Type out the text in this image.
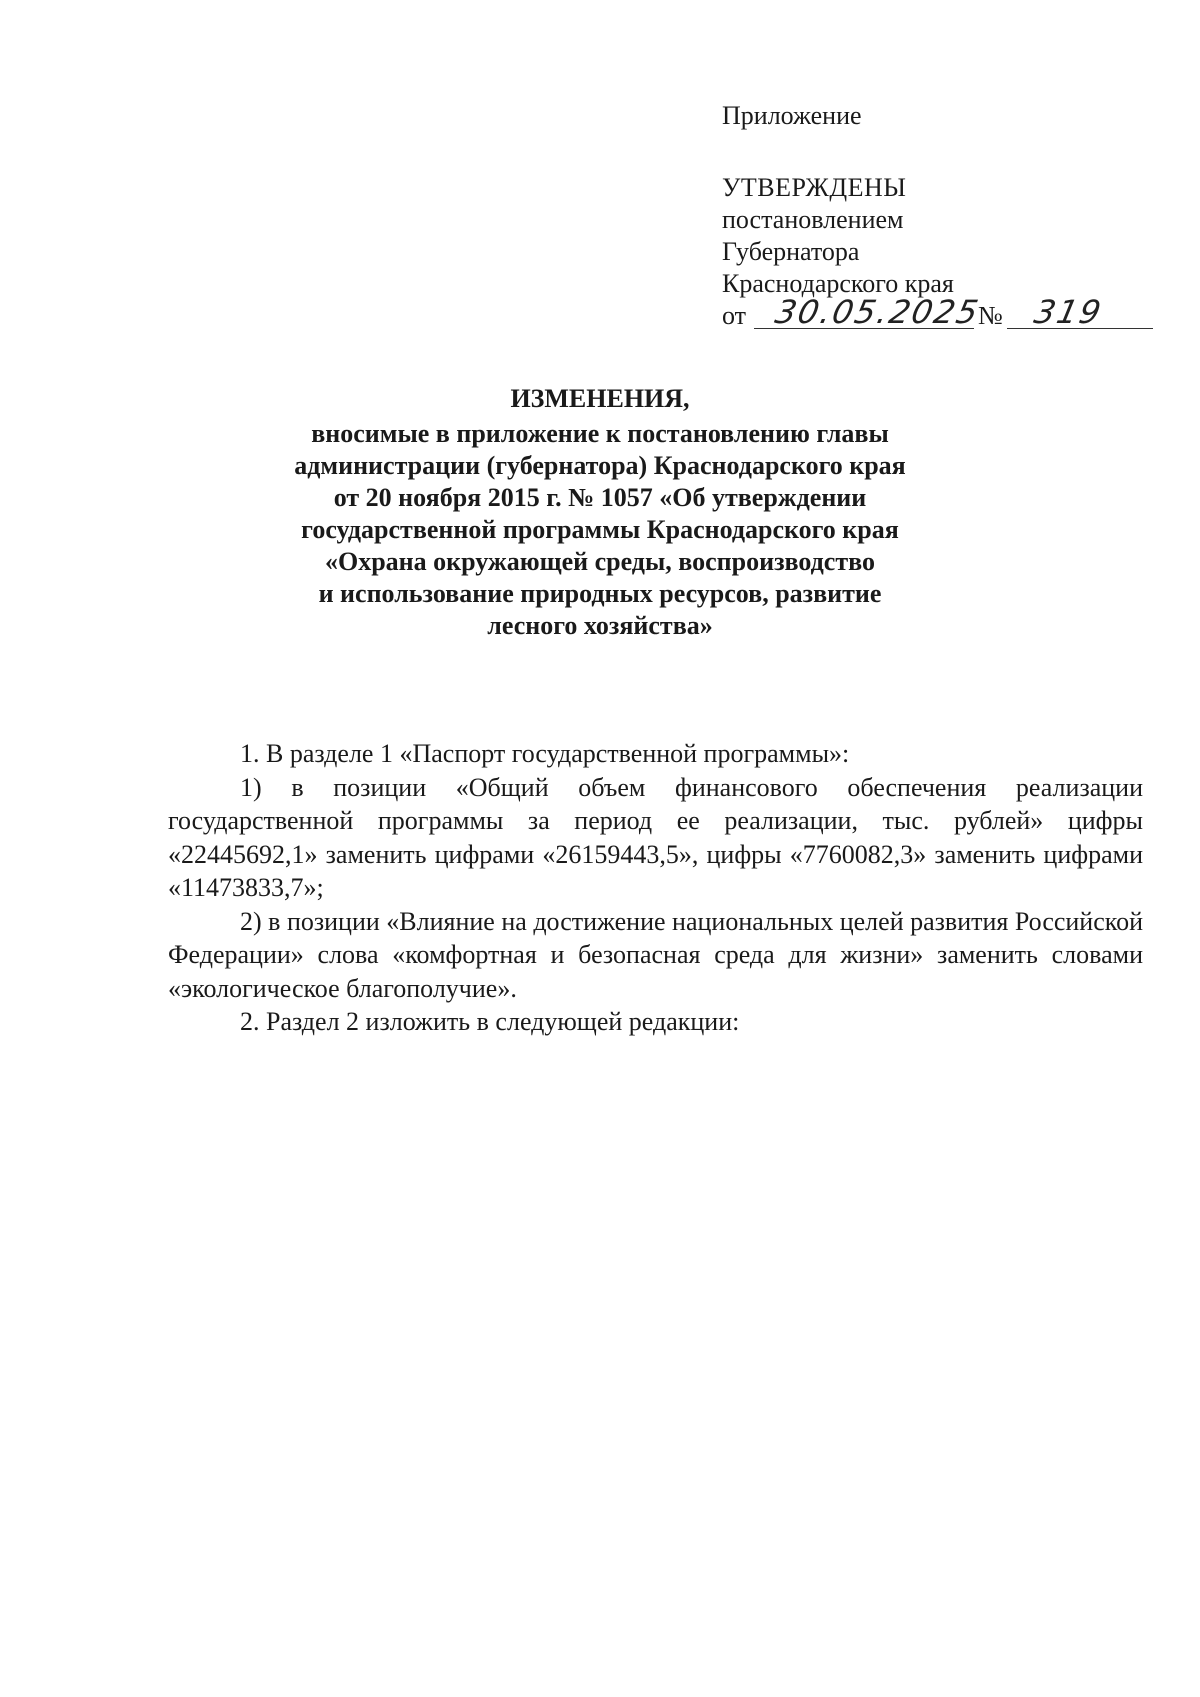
Приложение
УТВЕРЖДЕНЫ
постановлением
Губернатора
Краснодарского края
от 30.05.2025
№ 319
ИЗМЕНЕНИЯ,
вносимые в приложение к постановлению главы
администрации (губернатора) Краснодарского края
от 20 ноября 2015 г. № 1057 «Об утверждении
государственной программы Краснодарского края
«Охрана окружающей среды, воспроизводство
и использование природных ресурсов, развитие
лесного хозяйства»

1. В разделе 1 «Паспорт государственной программы»:

1) в позиции «Общий объем финансового обеспечения реализации государственной программы за период ее реализации, тыс. рублей» цифры «22445692,1» заменить цифрами «26159443,5», цифры «7760082,3» заменить цифрами «11473833,7»;

2) в позиции «Влияние на достижение национальных целей развития Российской Федерации» слова «комфортная и безопасная среда для жизни» заменить словами «экологическое благополучие».

2. Раздел 2 изложить в следующей редакции:
